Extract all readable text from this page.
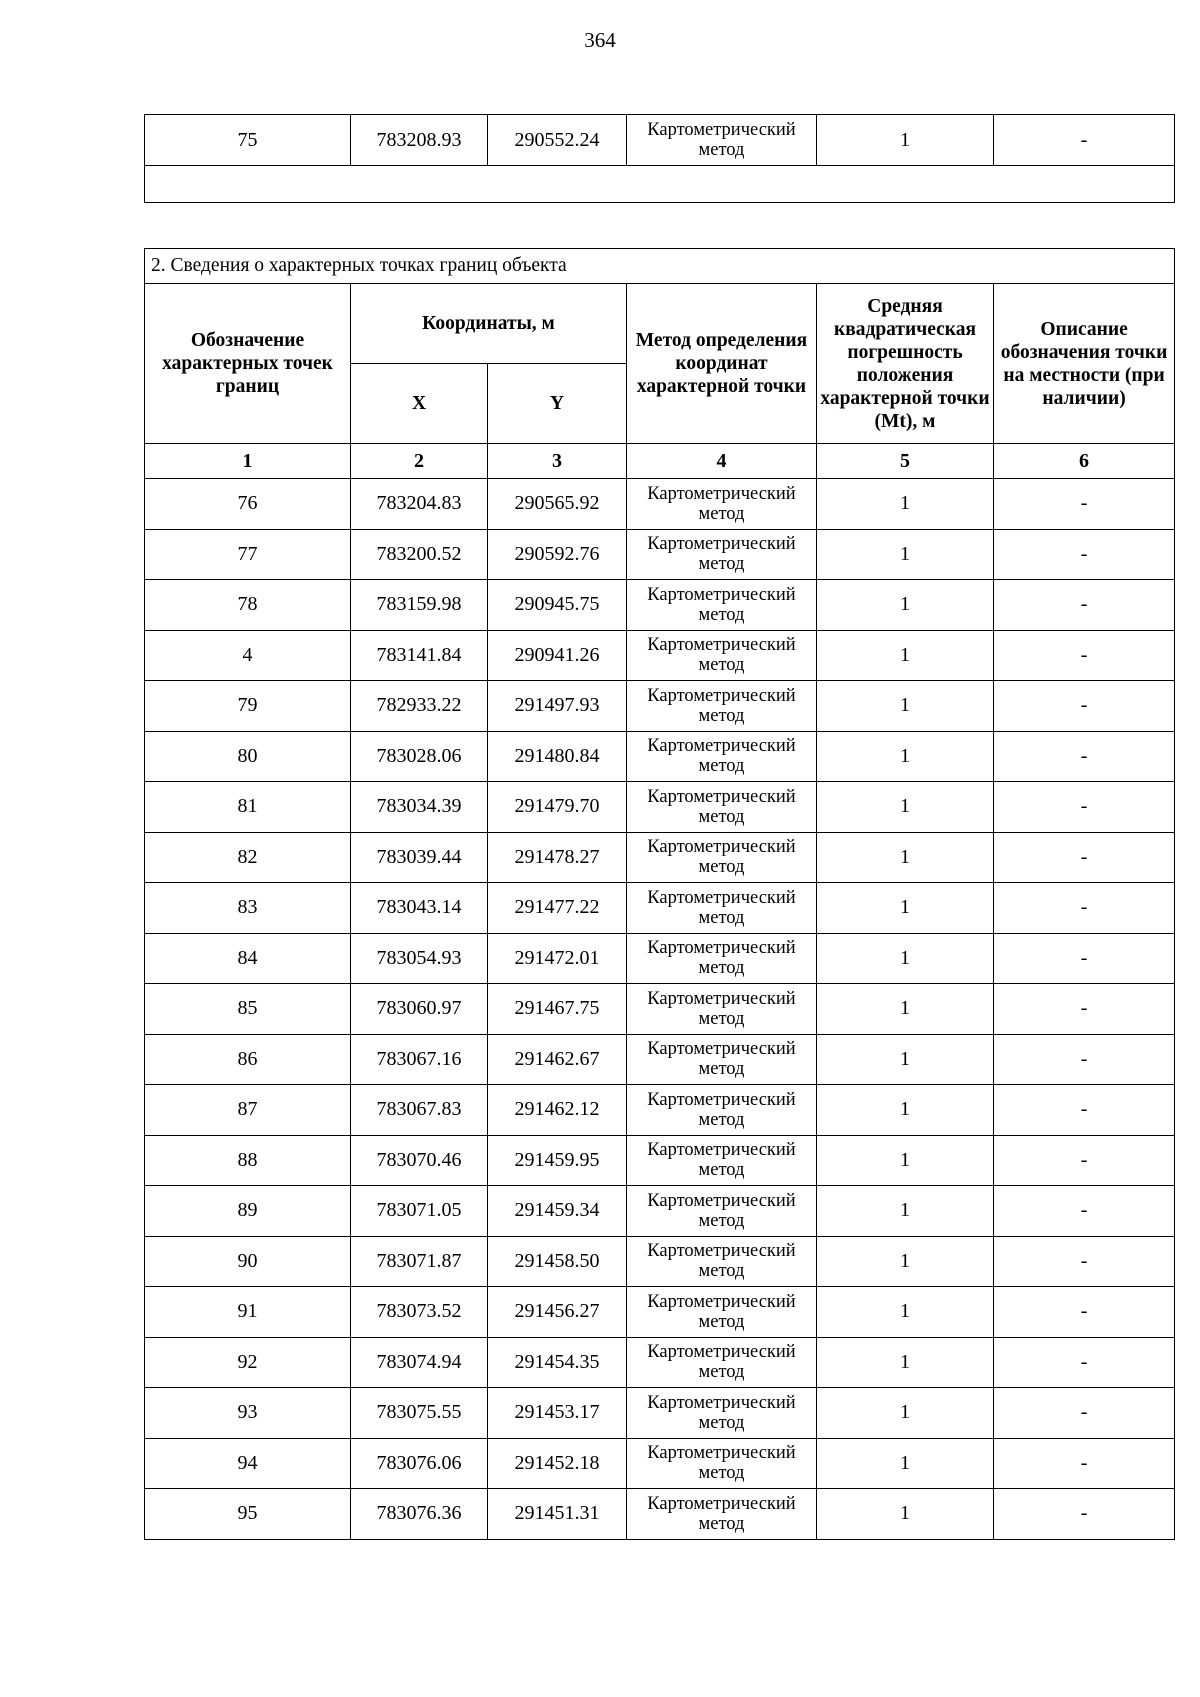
364
75	783208.93	290552.24	Картометрический метод	1	-

2. Сведения о характерных точках границ объекта					
Обозначение характерных точек границ	Координаты, м		Метод определения координат характерной точки	Средняя квадратическая погрешность положения характерной точки (Mt), м	Описание обозначения точки на местности (при наличии)
	X	Y			
1	2	3	4	5	6
76	783204.83	290565.92	Картометрический метод	1	-
77	783200.52	290592.76	Картометрический метод	1	-
78	783159.98	290945.75	Картометрический метод	1	-
4	783141.84	290941.26	Картометрический метод	1	-
79	782933.22	291497.93	Картометрический метод	1	-
80	783028.06	291480.84	Картометрический метод	1	-
81	783034.39	291479.70	Картометрический метод	1	-
82	783039.44	291478.27	Картометрический метод	1	-
83	783043.14	291477.22	Картометрический метод	1	-
84	783054.93	291472.01	Картометрический метод	1	-
85	783060.97	291467.75	Картометрический метод	1	-
86	783067.16	291462.67	Картометрический метод	1	-
87	783067.83	291462.12	Картометрический метод	1	-
88	783070.46	291459.95	Картометрический метод	1	-
89	783071.05	291459.34	Картометрический метод	1	-
90	783071.87	291458.50	Картометрический метод	1	-
91	783073.52	291456.27	Картометрический метод	1	-
92	783074.94	291454.35	Картометрический метод	1	-
93	783075.55	291453.17	Картометрический метод	1	-
94	783076.06	291452.18	Картометрический метод	1	-
95	783076.36	291451.31	Картометрический метод	1	-
